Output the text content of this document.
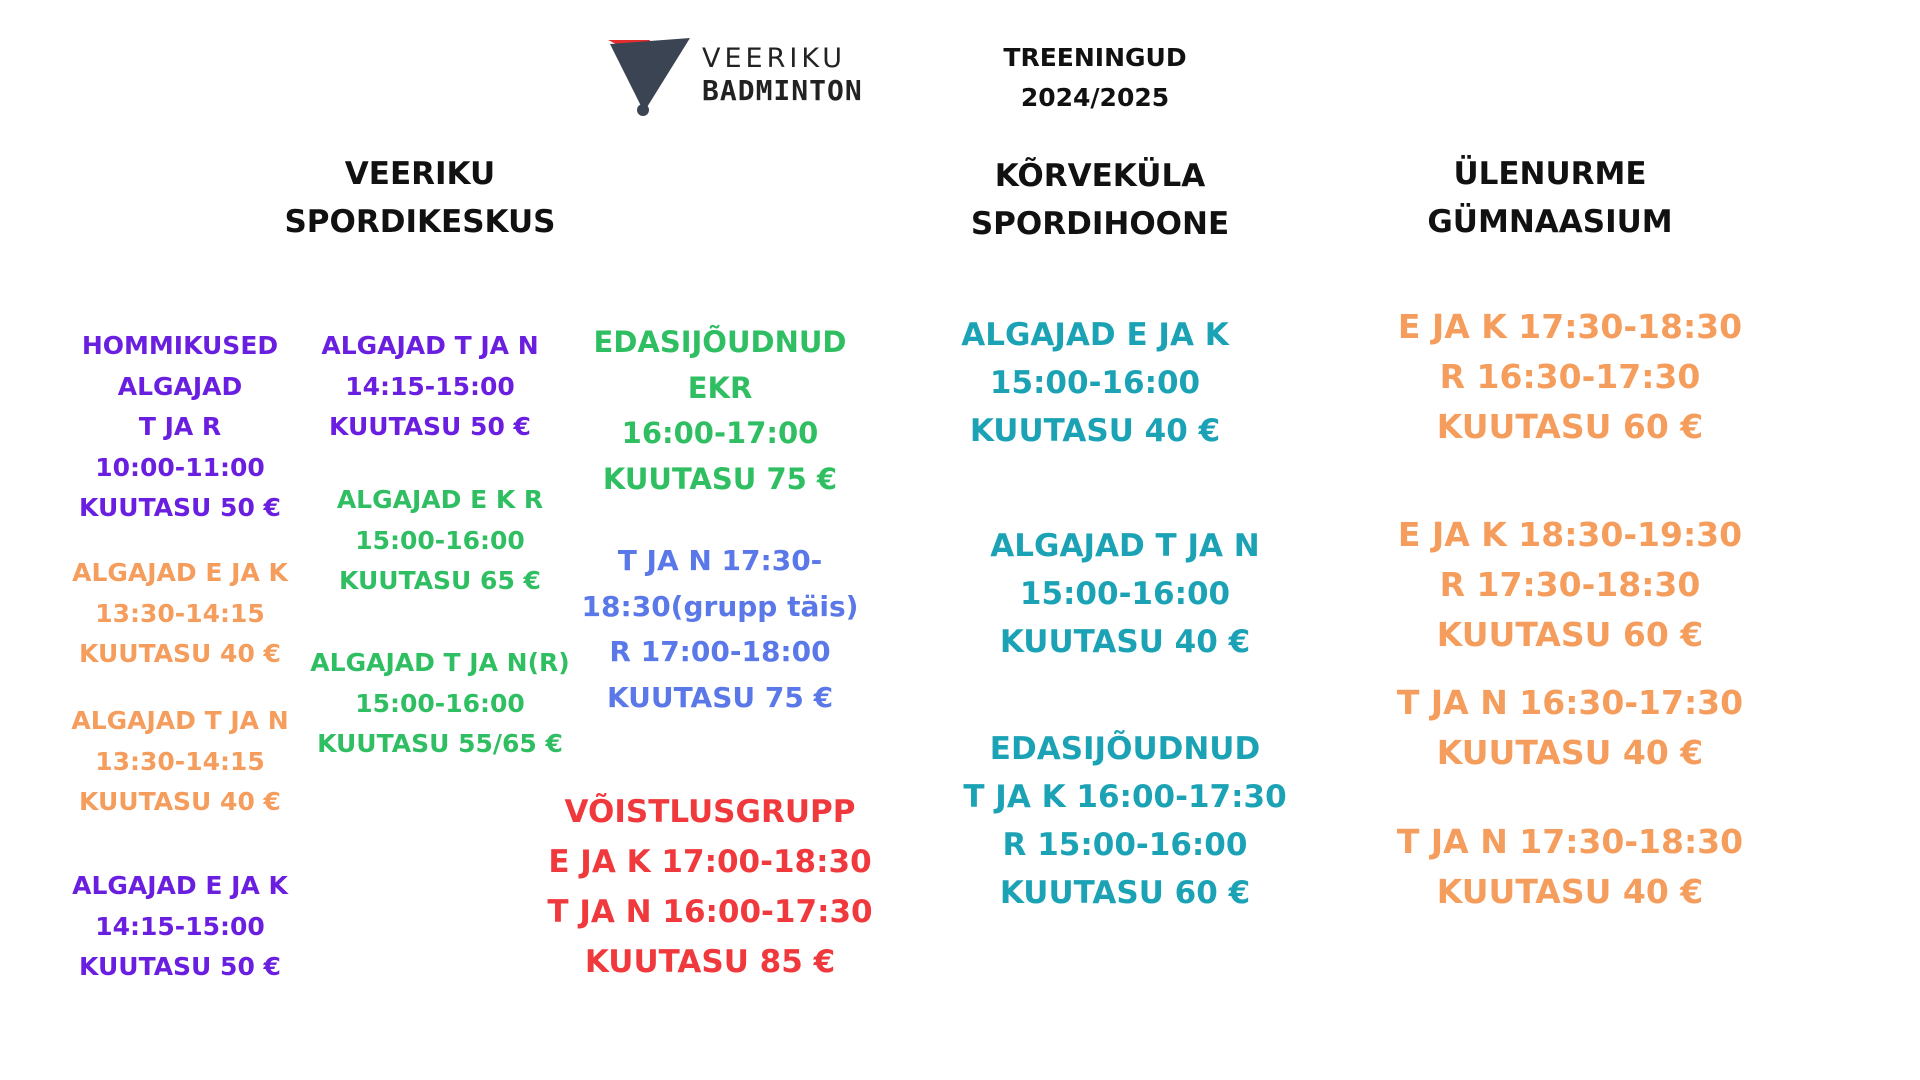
VEERIKU
BADMINTON
TREENINGUD
2024/2025
VEERIKU
SPORDIKESKUS
KÕRVEKÜLA
SPORDIHOONE
ÜLENURME
GÜMNAASIUM
HOMMIKUSED
ALGAJAD
T JA R
10:00-11:00
KUUTASU 50 €
ALGAJAD E JA K
13:30-14:15
KUUTASU 40 €
ALGAJAD T JA N
13:30-14:15
KUUTASU 40 €
ALGAJAD E JA K
14:15-15:00
KUUTASU 50 €
ALGAJAD T JA N
14:15-15:00
KUUTASU 50 €
ALGAJAD E K R
15:00-16:00
KUUTASU 65 €
ALGAJAD T JA N(R)
15:00-16:00
KUUTASU 55/65 €
EDASIJÕUDNUD
EKR
16:00-17:00
KUUTASU 75 €
T JA N 17:30-
18:30(grupp täis)
R 17:00-18:00
KUUTASU 75 €
VÕISTLUSGRUPP
E JA K 17:00-18:30
T JA N 16:00-17:30
KUUTASU 85 €
ALGAJAD E JA K
15:00-16:00
KUUTASU 40 €
ALGAJAD T JA N
15:00-16:00
KUUTASU 40 €
EDASIJÕUDNUD
T JA K 16:00-17:30
R 15:00-16:00
KUUTASU 60 €
E JA K 17:30-18:30
R 16:30-17:30
KUUTASU 60 €
E JA K 18:30-19:30
R 17:30-18:30
KUUTASU 60 €
T JA N 16:30-17:30
KUUTASU 40 €
T JA N 17:30-18:30
KUUTASU 40 €
